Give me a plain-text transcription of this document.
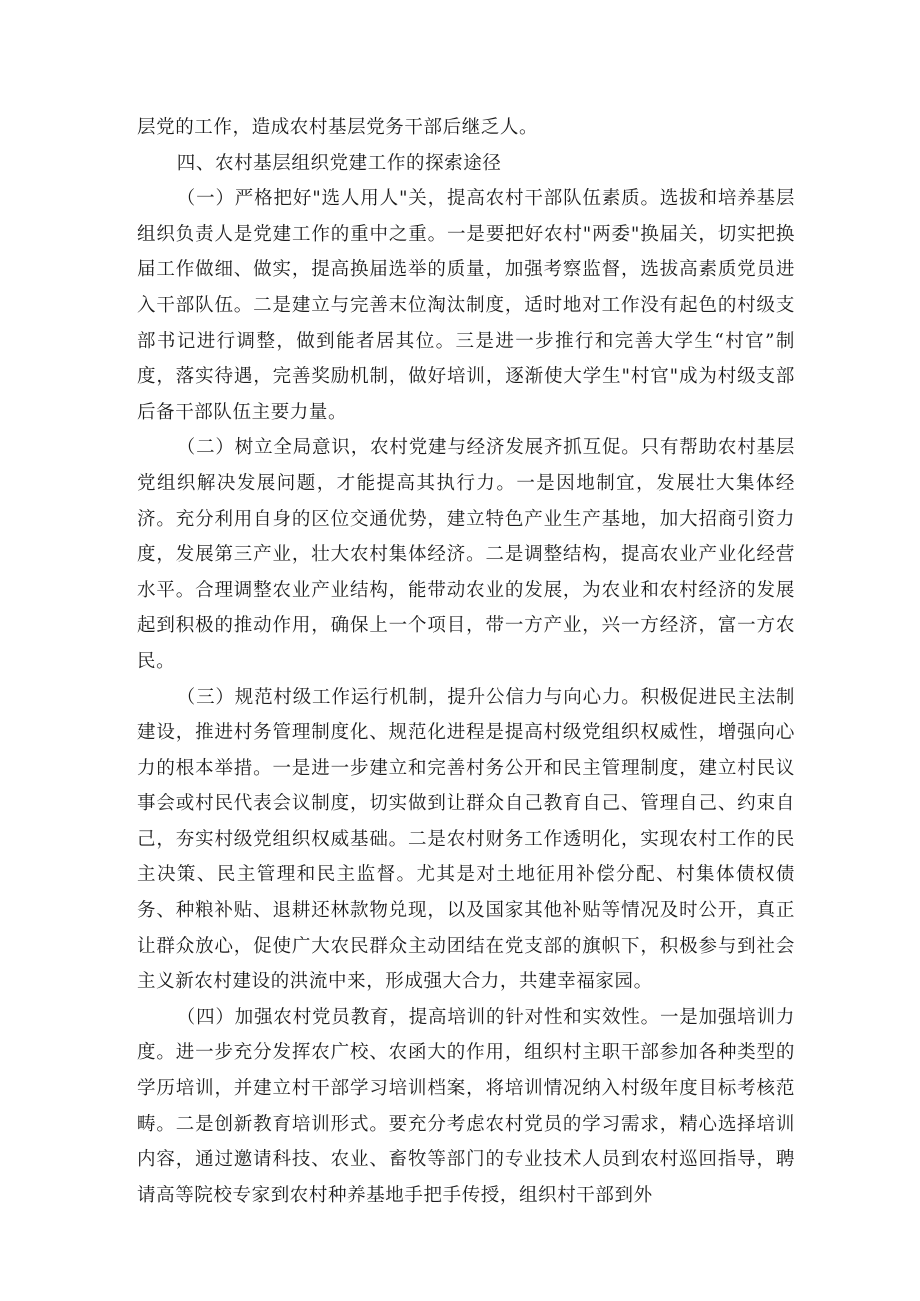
层党的工作，造成农村基层党务干部后继乏人。

四、农村基层组织党建工作的探索途径

（一）严格把好"选人用人"关，提高农村干部队伍素质。选拔和培养基层组织负责人是党建工作的重中之重。一是要把好农村"两委"换届关，切实把换届工作做细、做实，提高换届选举的质量，加强考察监督，选拔高素质党员进入干部队伍。二是建立与完善末位淘汰制度，适时地对工作没有起色的村级支部书记进行调整，做到能者居其位。三是进一步推行和完善大学生“村官”制度，落实待遇，完善奖励机制，做好培训，逐渐使大学生"村官"成为村级支部后备干部队伍主要力量。

（二）树立全局意识，农村党建与经济发展齐抓互促。只有帮助农村基层党组织解决发展问题，才能提高其执行力。一是因地制宜，发展壮大集体经济。充分利用自身的区位交通优势，建立特色产业生产基地，加大招商引资力度，发展第三产业，壮大农村集体经济。二是调整结构，提高农业产业化经营水平。合理调整农业产业结构，能带动农业的发展，为农业和农村经济的发展起到积极的推动作用，确保上一个项目，带一方产业，兴一方经济，富一方农民。

（三）规范村级工作运行机制，提升公信力与向心力。积极促进民主法制建设，推进村务管理制度化、规范化进程是提高村级党组织权威性，增强向心力的根本举措。一是进一步建立和完善村务公开和民主管理制度，建立村民议事会或村民代表会议制度，切实做到让群众自己教育自己、管理自己、约束自己，夯实村级党组织权威基础。二是农村财务工作透明化，实现农村工作的民主决策、民主管理和民主监督。尤其是对土地征用补偿分配、村集体债权债务、种粮补贴、退耕还林款物兑现，以及国家其他补贴等情况及时公开，真正让群众放心，促使广大农民群众主动团结在党支部的旗帜下，积极参与到社会主义新农村建设的洪流中来，形成强大合力，共建幸福家园。

（四）加强农村党员教育，提高培训的针对性和实效性。一是加强培训力度。进一步充分发挥农广校、农函大的作用，组织村主职干部参加各种类型的学历培训，并建立村干部学习培训档案，将培训情况纳入村级年度目标考核范畴。二是创新教育培训形式。要充分考虑农村党员的学习需求，精心选择培训内容，通过邀请科技、农业、畜牧等部门的专业技术人员到农村巡回指导，聘请高等院校专家到农村种养基地手把手传授，组织村干部到外
